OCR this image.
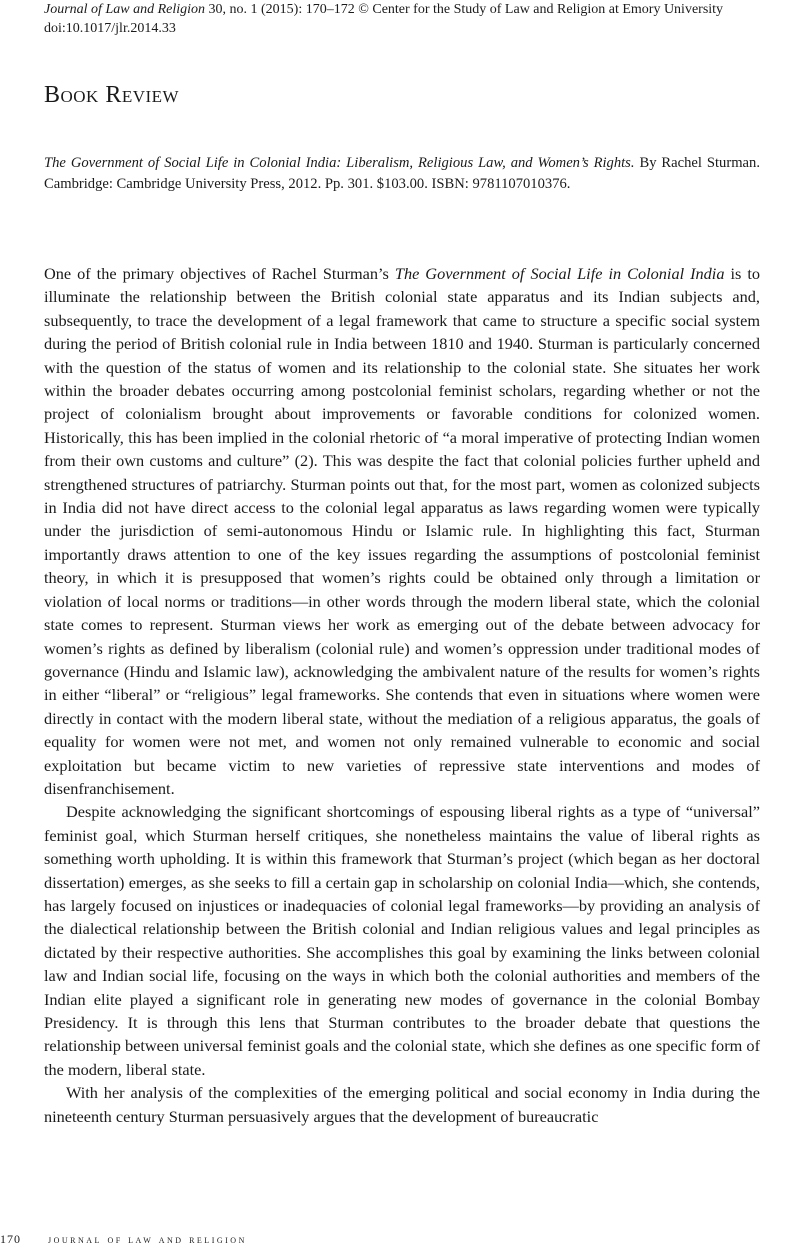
Journal of Law and Religion 30, no. 1 (2015): 170–172 © Center for the Study of Law and Religion at Emory University
doi:10.1017/jlr.2014.33
Book Review

The Government of Social Life in Colonial India: Liberalism, Religious Law, and Women’s Rights. By Rachel Sturman. Cambridge: Cambridge University Press, 2012. Pp. 301. $103.00. ISBN: 9781107010376.

One of the primary objectives of Rachel Sturman’s The Government of Social Life in Colonial India is to illuminate the relationship between the British colonial state apparatus and its Indian subjects and, subsequently, to trace the development of a legal framework that came to structure a specific social system during the period of British colonial rule in India between 1810 and 1940. Sturman is particularly concerned with the question of the status of women and its relationship to the colonial state. She situates her work within the broader debates occurring among postcolonial feminist scholars, regarding whether or not the project of colonialism brought about improvements or favorable conditions for colonized women. Historically, this has been implied in the colonial rhetoric of “a moral imperative of protecting Indian women from their own customs and culture” (2). This was despite the fact that colonial policies further upheld and strengthened structures of patriarchy. Sturman points out that, for the most part, women as colonized subjects in India did not have direct access to the colonial legal apparatus as laws regarding women were typically under the jurisdiction of semi-autonomous Hindu or Islamic rule. In highlighting this fact, Sturman importantly draws attention to one of the key issues regarding the assumptions of postcolonial feminist theory, in which it is presupposed that women’s rights could be obtained only through a limitation or violation of local norms or traditions—in other words through the modern liberal state, which the colonial state comes to represent. Sturman views her work as emerging out of the debate between advocacy for women’s rights as defined by liberalism (colonial rule) and women’s oppression under traditional modes of governance (Hindu and Islamic law), acknowledging the ambivalent nature of the results for women’s rights in either “liberal” or “religious” legal frameworks. She contends that even in situations where women were directly in contact with the modern liberal state, without the mediation of a religious apparatus, the goals of equality for women were not met, and women not only remained vulnerable to economic and social exploitation but became victim to new varieties of repressive state interventions and modes of disenfranchisement.

Despite acknowledging the significant shortcomings of espousing liberal rights as a type of “universal” feminist goal, which Sturman herself critiques, she nonetheless maintains the value of liberal rights as something worth upholding. It is within this framework that Sturman’s project (which began as her doctoral dissertation) emerges, as she seeks to fill a certain gap in scholarship on colonial India—which, she contends, has largely focused on injustices or inadequacies of colonial legal frameworks—by providing an analysis of the dialectical relationship between the British colonial and Indian religious values and legal principles as dictated by their respective authorities. She accomplishes this goal by examining the links between colonial law and Indian social life, focusing on the ways in which both the colonial authorities and members of the Indian elite played a significant role in generating new modes of governance in the colonial Bombay Presidency. It is through this lens that Sturman contributes to the broader debate that questions the relationship between universal feminist goals and the colonial state, which she defines as one specific form of the modern, liberal state.

With her analysis of the complexities of the emerging political and social economy in India during the nineteenth century Sturman persuasively argues that the development of bureaucratic

170 journal of law and religion
